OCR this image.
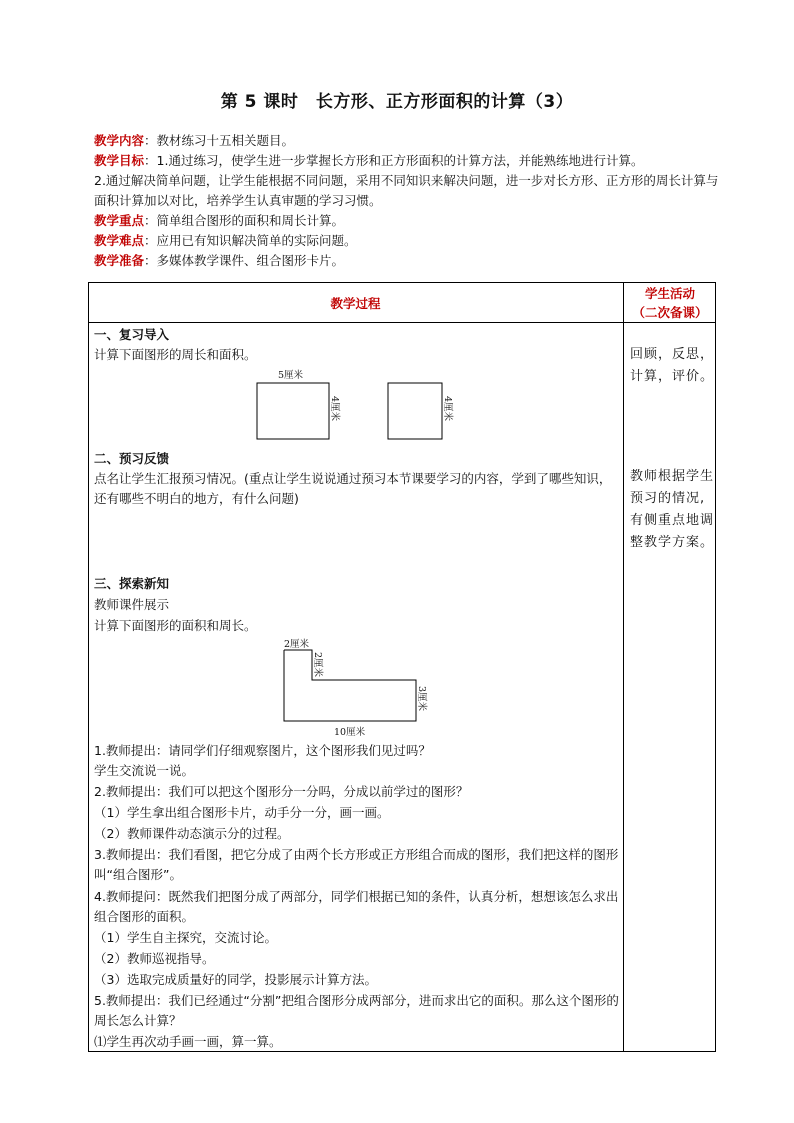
第 5 课时　长方形、正方形面积的计算（3）
教学内容：教材练习十五相关题目。
教学目标：1.通过练习，使学生进一步掌握长方形和正方形面积的计算方法，并能熟练地进行计算。
2.通过解决简单问题，让学生能根据不同问题，采用不同知识来解决问题，进一步对长方形、正方形的周长计算与面积计算加以对比，培养学生认真审题的学习习惯。
教学重点：简单组合图形的面积和周长计算。
教学难点：应用已有知识解决简单的实际问题。
教学准备：多媒体教学课件、组合图形卡片。
教学过程
学生活动
（二次备课）
一、复习导入
计算下面图形的周长和面积。
5厘米
4厘米	4厘米
二、预习反馈
点名让学生汇报预习情况。(重点让学生说说通过预习本节课要学习的内容，学到了哪些知识，还有哪些不明白的地方，有什么问题)
三、探索新知
教师课件展示
计算下面图形的面积和周长。
2厘米
2厘米
3厘米
10厘米
1.教师提出：请同学们仔细观察图片，这个图形我们见过吗？
学生交流说一说。
2.教师提出：我们可以把这个图形分一分吗，分成以前学过的图形？
（1）学生拿出组合图形卡片，动手分一分，画一画。
（2）教师课件动态演示分的过程。
3.教师提出：我们看图，把它分成了由两个长方形或正方形组合而成的图形，我们把这样的图形叫“组合图形”。
4.教师提问：既然我们把图分成了两部分，同学们根据已知的条件，认真分析，想想该怎么求出组合图形的面积。
（1）学生自主探究，交流讨论。
（2）教师巡视指导。
（3）选取完成质量好的同学，投影展示计算方法。
5.教师提出：我们已经通过“分割”把组合图形分成两部分，进而求出它的面积。那么这个图形的周长怎么计算？
⑴学生再次动手画一画，算一算。
回顾，反思，计算，评价。
教师根据学生预习的情况,有侧重点地调整教学方案。
